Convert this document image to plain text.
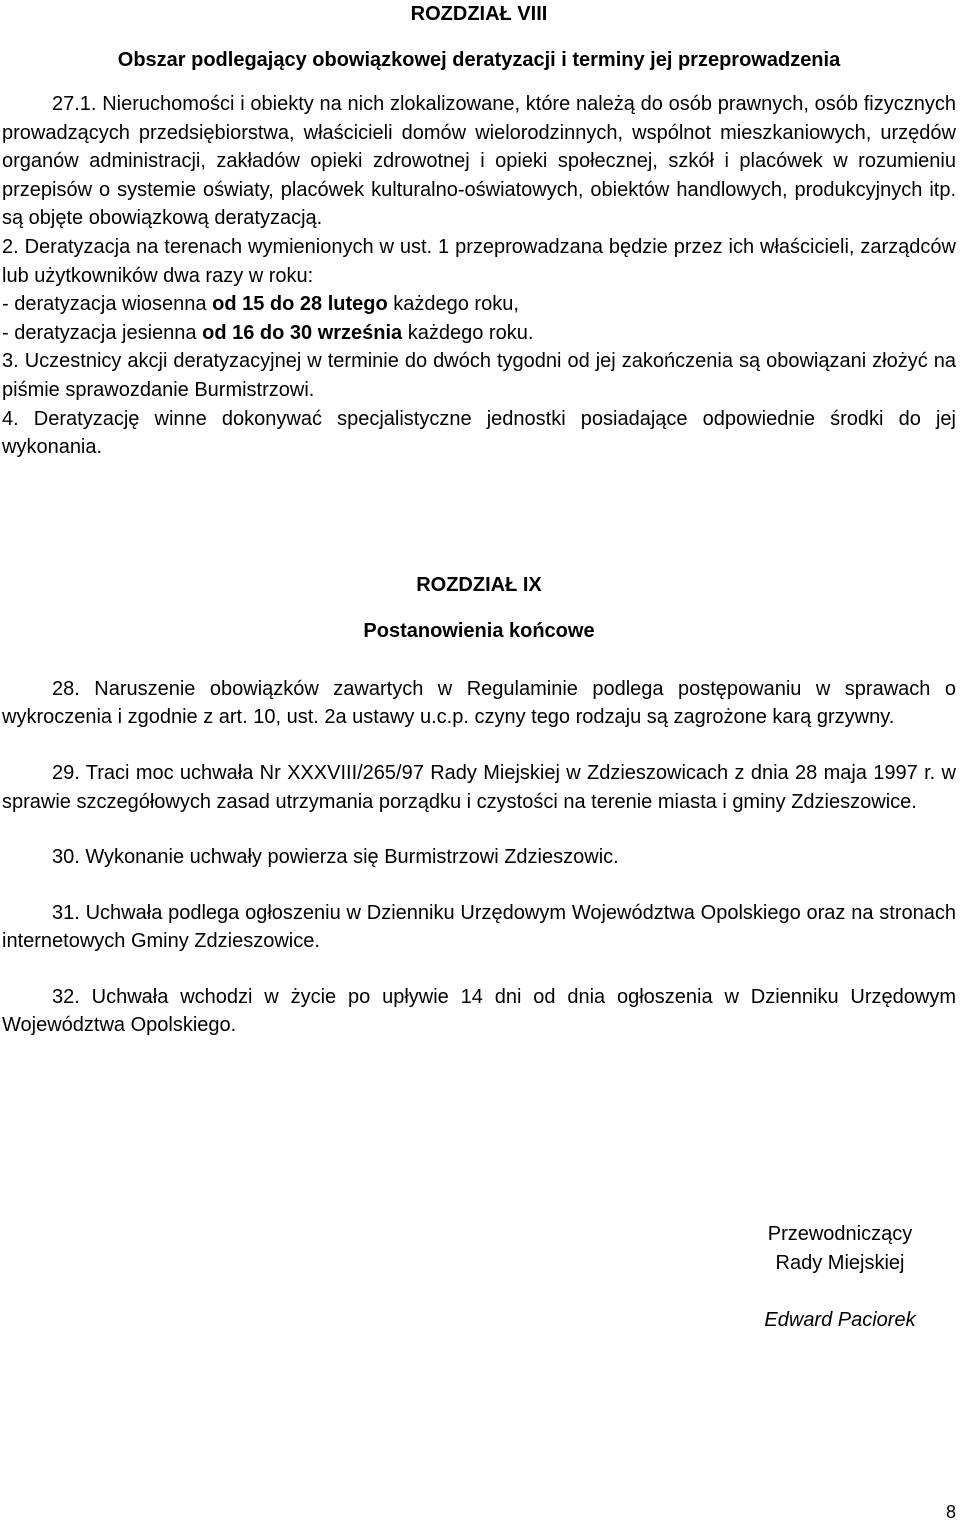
ROZDZIAŁ VIII
Obszar podlegający obowiązkowej deratyzacji i terminy jej przeprowadzenia

27.1. Nieruchomości i obiekty na nich zlokalizowane, które należą do osób prawnych, osób fizycznych prowadzących przedsiębiorstwa, właścicieli domów wielorodzinnych, wspólnot mieszkaniowych, urzędów organów administracji, zakładów opieki zdrowotnej i opieki społecznej, szkół i placówek w rozumieniu przepisów o systemie oświaty, placówek kulturalno-oświatowych, obiektów handlowych, produkcyjnych itp. są objęte obowiązkową deratyzacją.

2. Deratyzacja na terenach wymienionych w ust. 1 przeprowadzana będzie przez ich właścicieli, zarządców lub użytkowników dwa razy w roku:

- deratyzacja wiosenna od 15 do 28 lutego każdego roku,

- deratyzacja jesienna od 16 do 30 września każdego roku.

3. Uczestnicy akcji deratyzacyjnej w terminie do dwóch tygodni od jej zakończenia są obowiązani złożyć na piśmie sprawozdanie Burmistrzowi.

4. Deratyzację winne dokonywać specjalistyczne jednostki posiadające odpowiednie środki do jej wykonania.

ROZDZIAŁ IX
Postanowienia końcowe

28. Naruszenie obowiązków zawartych w Regulaminie podlega postępowaniu w sprawach o wykroczenia i zgodnie z art. 10, ust. 2a ustawy u.c.p. czyny tego rodzaju są zagrożone karą grzywny.

29. Traci moc uchwała Nr XXXVIII/265/97 Rady Miejskiej w Zdzieszowicach z dnia 28 maja 1997 r. w sprawie szczegółowych zasad utrzymania porządku i czystości na terenie miasta i gminy Zdzieszowice.

30. Wykonanie uchwały powierza się Burmistrzowi Zdzieszowic.

31. Uchwała podlega ogłoszeniu w Dzienniku Urzędowym Województwa Opolskiego oraz na stronach internetowych Gminy Zdzieszowice.

32. Uchwała wchodzi w życie po upływie 14 dni od dnia ogłoszenia w Dzienniku Urzędowym Województwa Opolskiego.

Przewodniczący
Rady Miejskiej
Edward Paciorek
8
